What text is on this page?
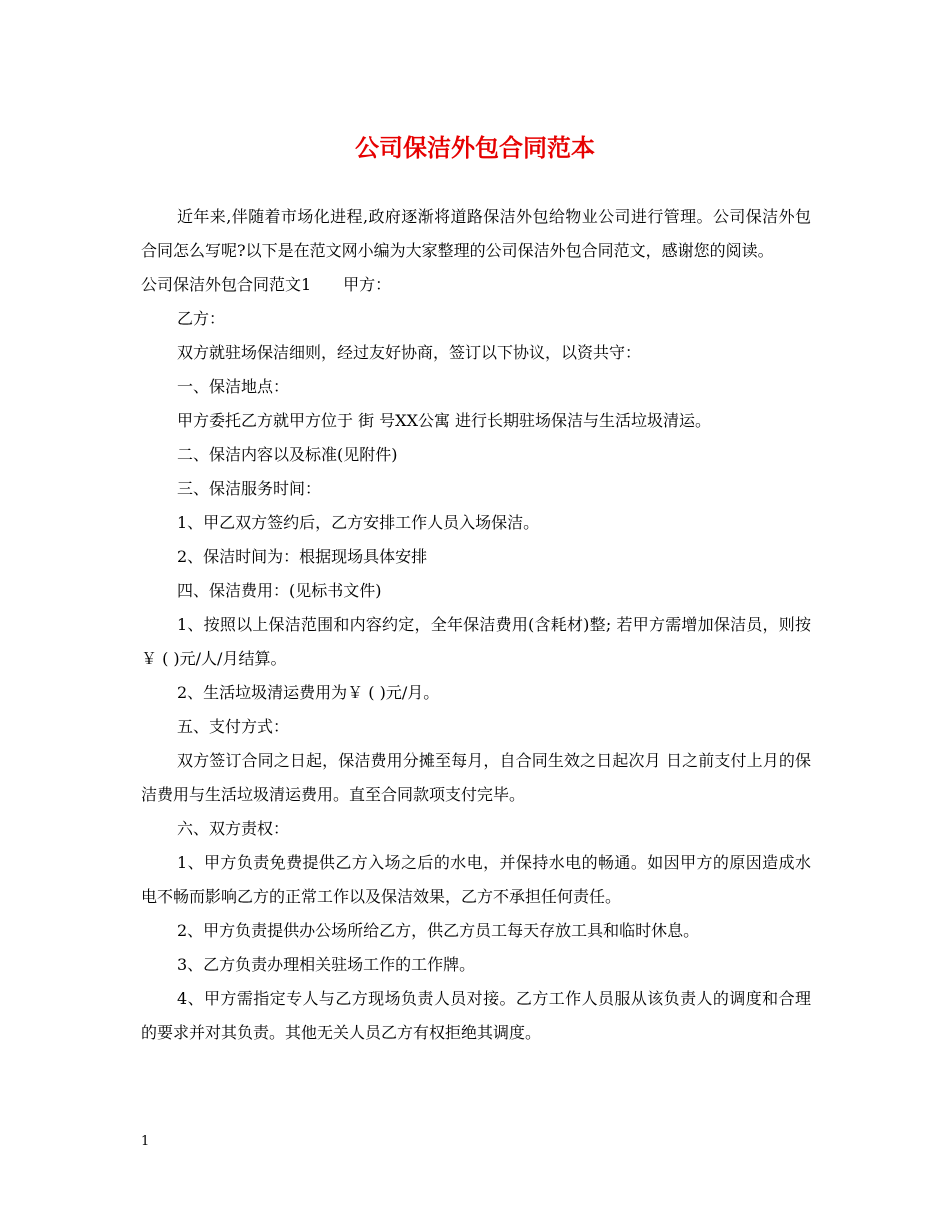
公司保洁外包合同范本

近年来,伴随着市场化进程,政府逐渐将道路保洁外包给物业公司进行管理。公司保洁外包合同怎么写呢?以下是在范文网小编为大家整理的公司保洁外包合同范文，感谢您的阅读。

公司保洁外包合同范文1　　甲方：

乙方：

双方就驻场保洁细则，经过友好协商，签订以下协议，以资共守：

一、保洁地点：

甲方委托乙方就甲方位于 街 号XX公寓 进行长期驻场保洁与生活垃圾清运。

二、保洁内容以及标准(见附件)

三、保洁服务时间：

1、甲乙双方签约后，乙方安排工作人员入场保洁。

2、保洁时间为：根据现场具体安排

四、保洁费用：(见标书文件)

1、按照以上保洁范围和内容约定，全年保洁费用(含耗材)整; 若甲方需增加保洁员，则按￥ ( )元/人/月结算。

2、生活垃圾清运费用为￥ ( )元/月。

五、支付方式：

双方签订合同之日起，保洁费用分摊至每月，自合同生效之日起次月 日之前支付上月的保洁费用与生活垃圾清运费用。直至合同款项支付完毕。

六、双方责权：

1、甲方负责免费提供乙方入场之后的水电，并保持水电的畅通。如因甲方的原因造成水电不畅而影响乙方的正常工作以及保洁效果，乙方不承担任何责任。

2、甲方负责提供办公场所给乙方，供乙方员工每天存放工具和临时休息。

3、乙方负责办理相关驻场工作的工作牌。

4、甲方需指定专人与乙方现场负责人员对接。乙方工作人员服从该负责人的调度和合理的要求并对其负责。其他无关人员乙方有权拒绝其调度。

1
